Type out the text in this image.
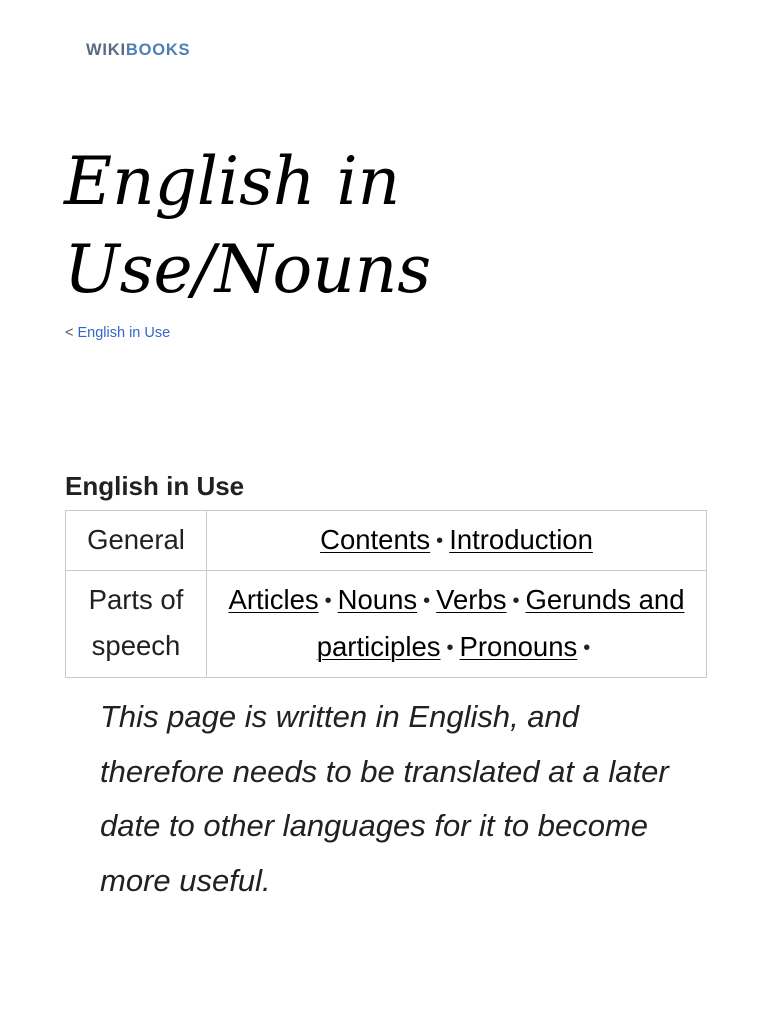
WIKIBOOKS
English in Use/Nouns
< English in Use
English in Use
General	Contents • Introduction
Parts of speech	Articles • Nouns • Verbs • Gerunds and participles • Pronouns •

This page is written in English, and therefore needs to be translated at a later date to other languages for it to become more useful.
